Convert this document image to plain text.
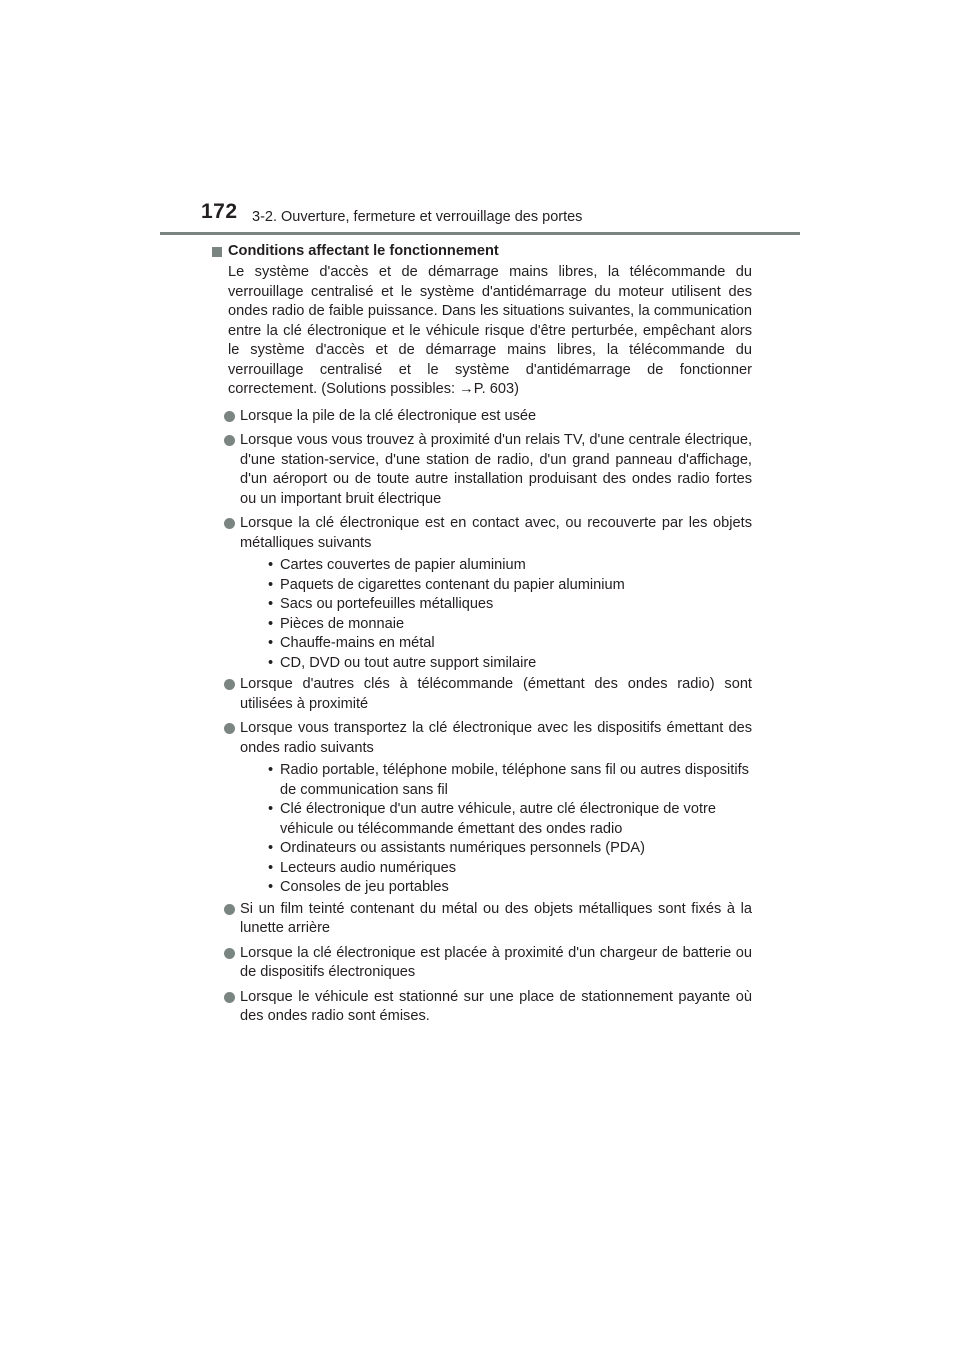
172 3-2. Ouverture, fermeture et verrouillage des portes
Conditions affectant le fonctionnement

Le système d'accès et de démarrage mains libres, la télécommande du verrouillage centralisé et le système d'antidémarrage du moteur utilisent des ondes radio de faible puissance. Dans les situations suivantes, la communication entre la clé électronique et le véhicule risque d'être perturbée, empêchant alors le système d'accès et de démarrage mains libres, la télécommande du verrouillage centralisé et le système d'antidémarrage de fonctionner correctement. (Solutions possibles: →P. 603)

Lorsque la pile de la clé électronique est usée
Lorsque vous vous trouvez à proximité d'un relais TV, d'une centrale électrique, d'une station-service, d'une station de radio, d'un grand panneau d'affichage, d'un aéroport ou de toute autre installation produisant des ondes radio fortes ou un important bruit électrique
Lorsque la clé électronique est en contact avec, ou recouverte par les objets métalliques suivants
• Cartes couvertes de papier aluminium
• Paquets de cigarettes contenant du papier aluminium
• Sacs ou portefeuilles métalliques
• Pièces de monnaie
• Chauffe-mains en métal
• CD, DVD ou tout autre support similaire
Lorsque d'autres clés à télécommande (émettant des ondes radio) sont utilisées à proximité
Lorsque vous transportez la clé électronique avec les dispositifs émettant des ondes radio suivants
• Radio portable, téléphone mobile, téléphone sans fil ou autres dispositifs de communication sans fil
• Clé électronique d'un autre véhicule, autre clé électronique de votre véhicule ou télécommande émettant des ondes radio
• Ordinateurs ou assistants numériques personnels (PDA)
• Lecteurs audio numériques
• Consoles de jeu portables
Si un film teinté contenant du métal ou des objets métalliques sont fixés à la lunette arrière
Lorsque la clé électronique est placée à proximité d'un chargeur de batterie ou de dispositifs électroniques
Lorsque le véhicule est stationné sur une place de stationnement payante où des ondes radio sont émises.
